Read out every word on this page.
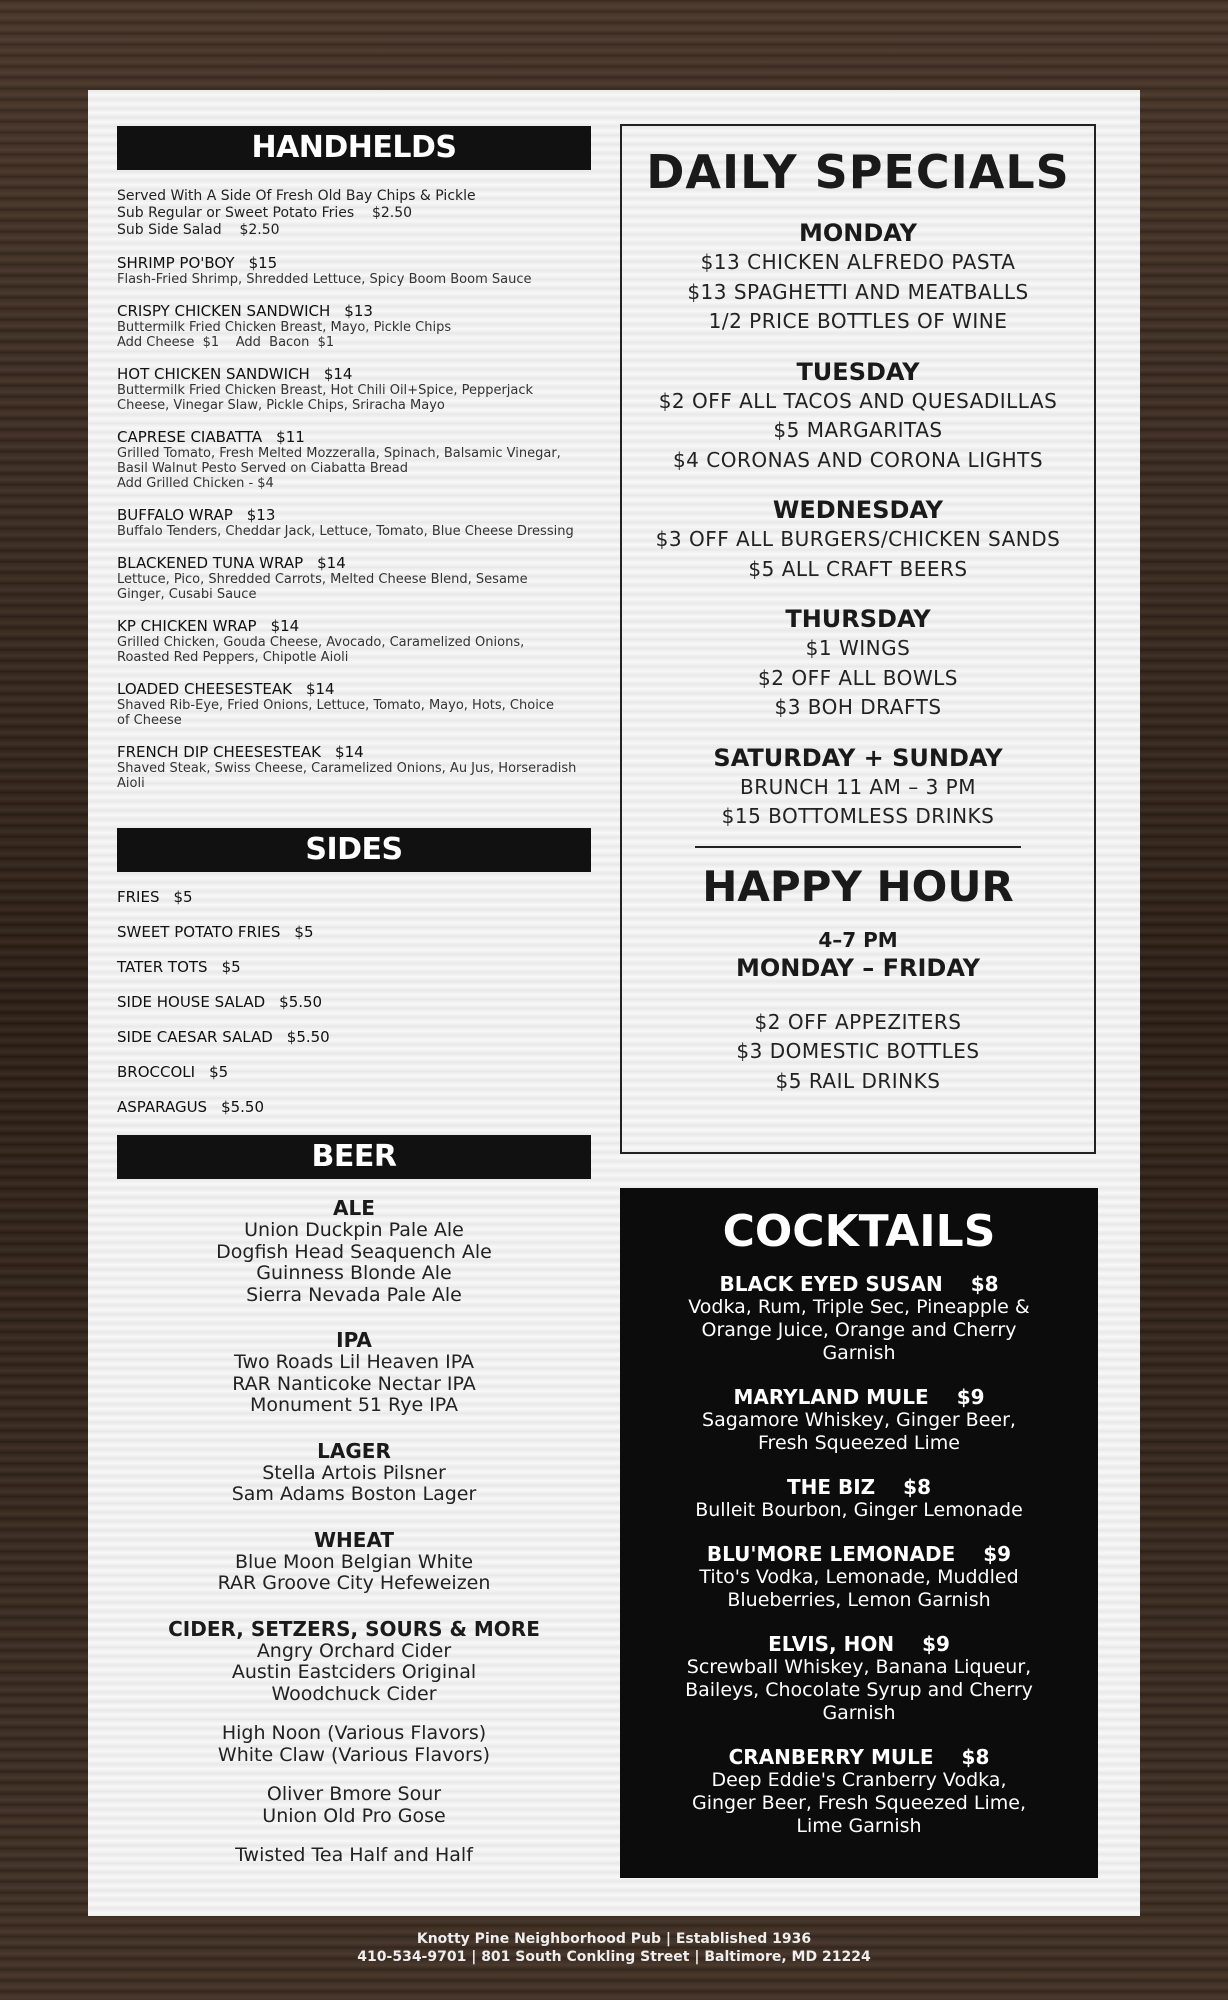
HANDHELDS
Served With A Side Of Fresh Old Bay Chips & Pickle
Sub Regular or Sweet Potato Fries    $2.50
Sub Side Salad    $2.50
SHRIMP PO'BOY $15
Flash-Fried Shrimp, Shredded Lettuce, Spicy Boom Boom Sauce
CRISPY CHICKEN SANDWICH $13
Buttermilk Fried Chicken Breast, Mayo, Pickle Chips
Add Cheese  $1    Add  Bacon  $1
HOT CHICKEN SANDWICH $14
Buttermilk Fried Chicken Breast, Hot Chili Oil+Spice, Pepperjack
Cheese, Vinegar Slaw, Pickle Chips, Sriracha Mayo
CAPRESE CIABATTA $11
Grilled Tomato, Fresh Melted Mozzeralla, Spinach, Balsamic Vinegar,
Basil Walnut Pesto Served on Ciabatta Bread
Add Grilled Chicken - $4
BUFFALO WRAP $13
Buffalo Tenders, Cheddar Jack, Lettuce, Tomato, Blue Cheese Dressing
BLACKENED TUNA WRAP $14
Lettuce, Pico, Shredded Carrots, Melted Cheese Blend, Sesame
Ginger, Cusabi Sauce
KP CHICKEN WRAP $14
Grilled Chicken, Gouda Cheese, Avocado, Caramelized Onions,
Roasted Red Peppers, Chipotle Aioli
LOADED CHEESESTEAK $14
Shaved Rib-Eye, Fried Onions, Lettuce, Tomato, Mayo, Hots, Choice
of Cheese
FRENCH DIP CHEESESTEAK $14
Shaved Steak, Swiss Cheese, Caramelized Onions, Au Jus, Horseradish
Aioli
SIDES
FRIES $5
SWEET POTATO FRIES $5
TATER TOTS $5
SIDE HOUSE SALAD $5.50
SIDE CAESAR SALAD $5.50
BROCCOLI $5
ASPARAGUS $5.50
BEER
ALE
Union Duckpin Pale Ale
Dogfish Head Seaquench Ale
Guinness Blonde Ale
Sierra Nevada Pale Ale
IPA
Two Roads Lil Heaven IPA
RAR Nanticoke Nectar IPA
Monument 51 Rye IPA
LAGER
Stella Artois Pilsner
Sam Adams Boston Lager
WHEAT
Blue Moon Belgian White
RAR Groove City Hefeweizen
CIDER, SETZERS, SOURS & MORE
Angry Orchard Cider
Austin Eastciders Original
Woodchuck Cider
High Noon (Various Flavors)
White Claw (Various Flavors)
Oliver Bmore Sour
Union Old Pro Gose
Twisted Tea Half and Half
DAILY SPECIALS
MONDAY
$13 CHICKEN ALFREDO PASTA
$13 SPAGHETTI AND MEATBALLS
1/2 PRICE BOTTLES OF WINE
TUESDAY
$2 OFF ALL TACOS AND QUESADILLAS
$5 MARGARITAS
$4 CORONAS AND CORONA LIGHTS
WEDNESDAY
$3 OFF ALL BURGERS/CHICKEN SANDS
$5 ALL CRAFT BEERS
THURSDAY
$1 WINGS
$2 OFF ALL BOWLS
$3 BOH DRAFTS
SATURDAY + SUNDAY
BRUNCH 11 AM – 3 PM
$15 BOTTOMLESS DRINKS
HAPPY HOUR
4–7 PM
MONDAY – FRIDAY
$2 OFF APPEZITERS
$3 DOMESTIC BOTTLES
$5 RAIL DRINKS
COCKTAILS
BLACK EYED SUSAN $8
Vodka, Rum, Triple Sec, Pineapple &
Orange Juice, Orange and Cherry
Garnish
MARYLAND MULE $9
Sagamore Whiskey, Ginger Beer,
Fresh Squeezed Lime
THE BIZ $8
Bulleit Bourbon, Ginger Lemonade
BLU'MORE LEMONADE $9
Tito's Vodka, Lemonade, Muddled
Blueberries, Lemon Garnish
ELVIS, HON $9
Screwball Whiskey, Banana Liqueur,
Baileys, Chocolate Syrup and Cherry
Garnish
CRANBERRY MULE $8
Deep Eddie's Cranberry Vodka,
Ginger Beer, Fresh Squeezed Lime,
Lime Garnish
Knotty Pine Neighborhood Pub | Established 1936
410-534-9701 | 801 South Conkling Street | Baltimore, MD 21224
